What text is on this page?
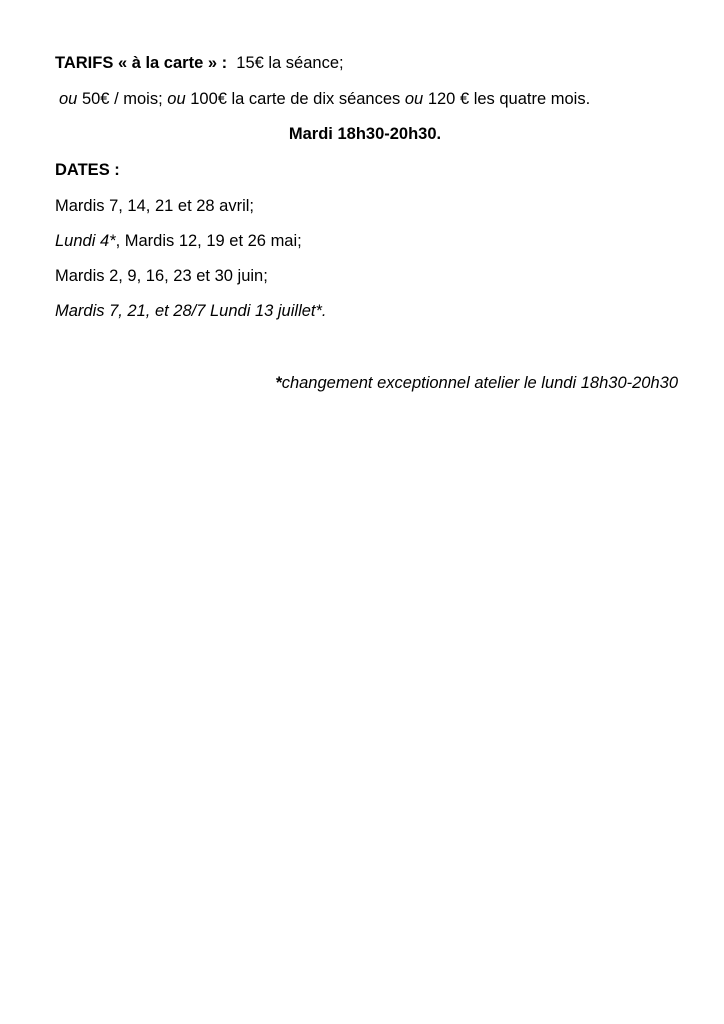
TARIFS « à la carte » : 15€ la séance;
ou 50€ / mois; ou 100€ la carte de dix séances ou 120 € les quatre mois.
Mardi 18h30-20h30.
DATES :
Mardis 7, 14, 21 et 28 avril;
Lundi 4*, Mardis 12, 19 et 26 mai;
Mardis 2, 9, 16, 23 et 30 juin;
Mardis 7, 21, et 28/7 Lundi 13 juillet*.
*changement exceptionnel atelier le lundi 18h30-20h30
